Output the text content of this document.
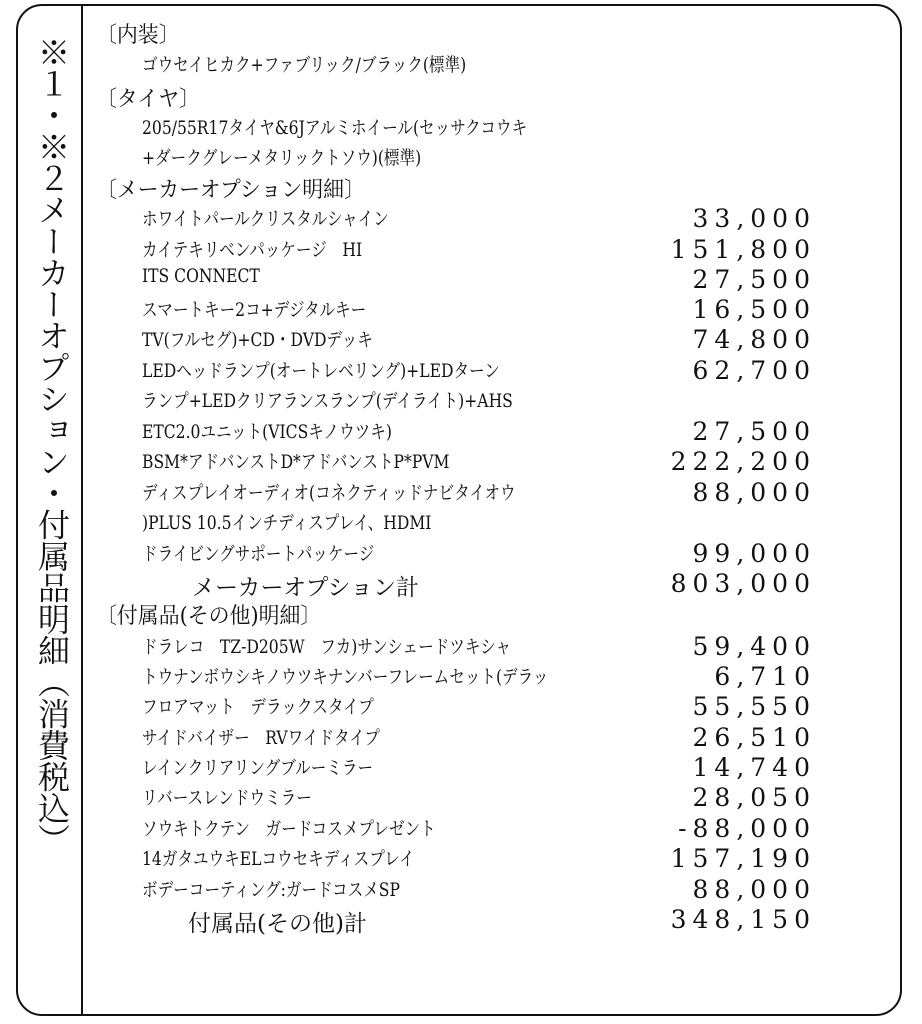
※１・※２メーカーオプション・付属品明細（消費税込）
〔内装〕
ゴウセイヒカク+ファブリック/ブラック(標準)
〔タイヤ〕
205/55R17タイヤ&6Jアルミホイール(セッサクコウキ
+ダークグレーメタリックトソウ)(標準)
〔メーカーオプション明細〕
ホワイトパールクリスタルシャイン	33,000
カイテキリベンパッケージ　HI	151,800
ITS CONNECT	27,500
スマートキー2コ+デジタルキー	16,500
TV(フルセグ)+CD・DVDデッキ	74,800
LEDヘッドランプ(オートレベリング)+LEDターン	62,700
ランプ+LEDクリアランスランプ(デイライト)+AHS
ETC2.0ユニット(VICSキノウツキ)	27,500
BSM*アドバンストD*アドバンストP*PVM	222,200
ディスプレイオーディオ(コネクティッドナビタイオウ	88,000
)PLUS 10.5インチディスプレイ、HDMI
ドライビングサポートパッケージ	99,000
メーカーオプション計	803,000
〔付属品(その他)明細〕
ドラレコ　TZ-D205W　フカ)サンシェードツキシャ	59,400
トウナンボウシキノウツキナンバーフレームセット(デラッ	6,710
フロアマット　デラックスタイプ	55,550
サイドバイザー　RVワイドタイプ	26,510
レインクリアリングブルーミラー	14,740
リバースレンドウミラー	28,050
ソウキトクテン　ガードコスメプレゼント	-88,000
14ガタユウキELコウセキディスプレイ	157,190
ボデーコーティング:ガードコスメSP	88,000
付属品(その他)計	348,150
